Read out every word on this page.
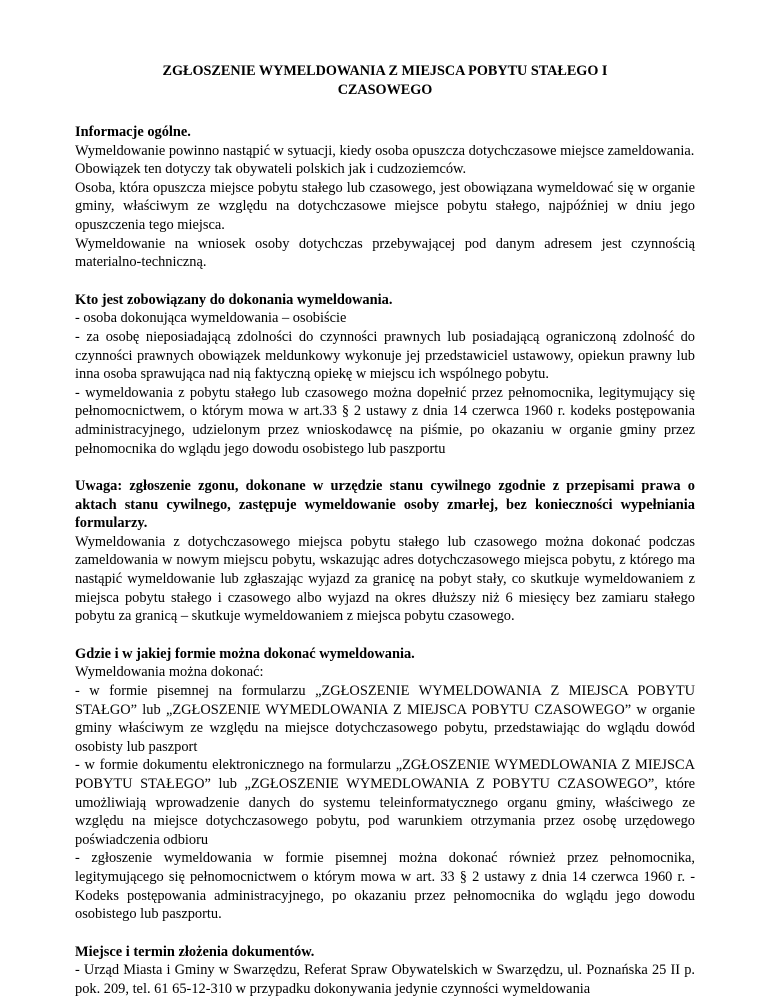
ZGŁOSZENIE WYMELDOWANIA Z MIEJSCA POBYTU STAŁEGO I CZASOWEGO

Informacje ogólne.

Wymeldowanie powinno nastąpić w sytuacji, kiedy osoba opuszcza dotychczasowe miejsce zameldowania.

Obowiązek ten dotyczy tak obywateli polskich jak i cudzoziemców.

Osoba, która opuszcza miejsce pobytu stałego lub czasowego, jest obowiązana wymeldować się w organie gminy, właściwym ze względu na dotychczasowe miejsce pobytu stałego, najpóźniej w dniu jego opuszczenia tego miejsca.

Wymeldowanie na wniosek osoby dotychczas przebywającej pod danym adresem jest czynnością materialno-techniczną.

Kto jest zobowiązany do dokonania wymeldowania.

- osoba dokonująca wymeldowania – osobiście

- za osobę nieposiadającą zdolności do czynności prawnych lub posiadającą ograniczoną zdolność do czynności prawnych obowiązek meldunkowy wykonuje jej przedstawiciel ustawowy, opiekun prawny lub inna osoba sprawująca nad nią faktyczną opiekę w miejscu ich wspólnego pobytu.

- wymeldowania z pobytu stałego lub czasowego można dopełnić przez pełnomocnika, legitymujący się pełnomocnictwem, o którym mowa w art.33 § 2 ustawy z dnia 14 czerwca 1960 r. kodeks postępowania administracyjnego, udzielonym przez wnioskodawcę na piśmie, po okazaniu w organie gminy przez pełnomocnika do wglądu jego dowodu osobistego lub paszportu

Uwaga: zgłoszenie zgonu, dokonane w urzędzie stanu cywilnego zgodnie z przepisami prawa o aktach stanu cywilnego, zastępuje wymeldowanie osoby zmarłej, bez konieczności wypełniania formularzy.

Wymeldowania z dotychczasowego miejsca pobytu stałego lub czasowego można dokonać podczas zameldowania w nowym miejscu pobytu, wskazując adres dotychczasowego miejsca pobytu, z którego ma nastąpić wymeldowanie lub zgłaszając wyjazd za granicę na pobyt stały, co skutkuje wymeldowaniem z miejsca pobytu stałego i czasowego albo wyjazd na okres dłuższy niż 6 miesięcy bez zamiaru stałego pobytu za granicą – skutkuje wymeldowaniem z miejsca pobytu czasowego.

Gdzie i w jakiej formie można dokonać wymeldowania.

Wymeldowania można dokonać:

- w formie pisemnej na formularzu „ZGŁOSZENIE WYMELDOWANIA Z MIEJSCA POBYTU STAŁGO” lub „ZGŁOSZENIE WYMEDLOWANIA Z MIEJSCA POBYTU CZASOWEGO” w organie gminy właściwym ze względu na miejsce dotychczasowego pobytu, przedstawiając do wglądu dowód osobisty lub paszport

- w formie dokumentu elektronicznego na formularzu „ZGŁOSZENIE WYMEDLOWANIA Z MIEJSCA POBYTU STAŁEGO” lub „ZGŁOSZENIE WYMEDLOWANIA Z POBYTU CZASOWEGO”, które umożliwiają wprowadzenie danych do systemu teleinformatycznego organu gminy, właściwego ze względu na miejsce dotychczasowego pobytu, pod warunkiem otrzymania przez osobę urzędowego poświadczenia odbioru

- zgłoszenie wymeldowania w formie pisemnej można dokonać również przez pełnomocnika, legitymującego się pełnomocnictwem o którym mowa w art. 33 § 2 ustawy z dnia 14 czerwca 1960 r. - Kodeks postępowania administracyjnego, po okazaniu przez pełnomocnika do wglądu jego dowodu osobistego lub paszportu.

Miejsce i termin złożenia dokumentów.

- Urząd Miasta i Gminy w Swarzędzu, Referat Spraw Obywatelskich w Swarzędzu, ul. Poznańska 25 II p. pok. 209, tel. 61 65-12-310 w przypadku dokonywania jedynie czynności wymeldowania
